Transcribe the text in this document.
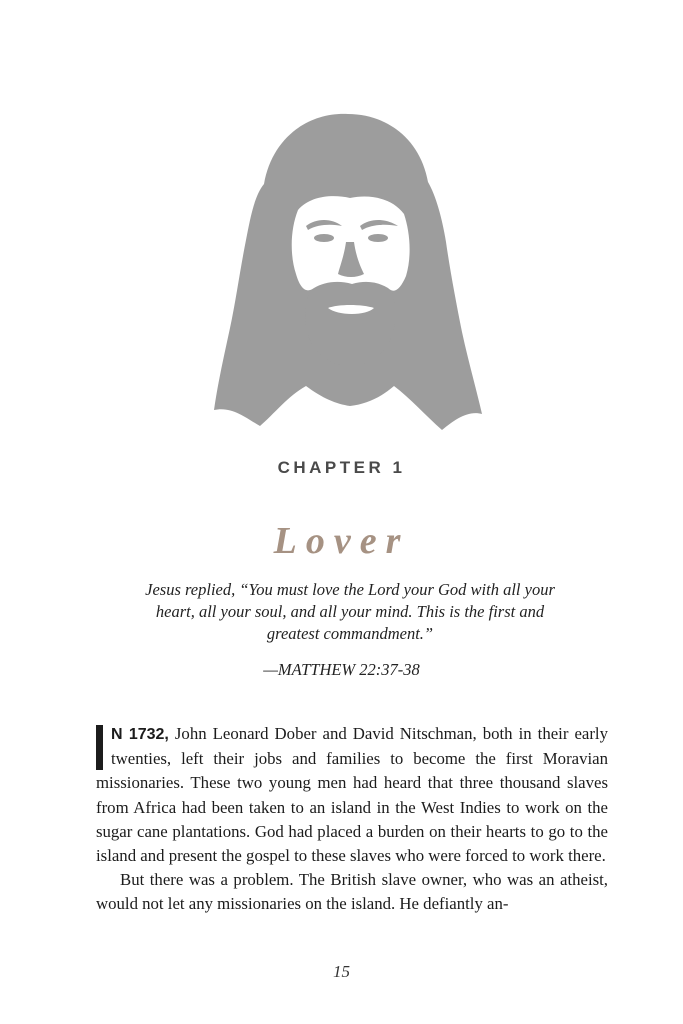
CHAPTER 1
Lover
Jesus replied, “You must love the Lord your God with all your heart, all your soul, and all your mind. This is the first and greatest commandment.”
—MATTHEW 22:37-38

N 1732, John Leonard Dober and David Nitschman, both in their early twenties, left their jobs and families to become the first Moravian missionaries. These two young men had heard that three thousand slaves from Africa had been taken to an island in the West Indies to work on the sugar cane plantations. God had placed a burden on their hearts to go to the island and present the gospel to these slaves who were forced to work there.

But there was a problem. The British slave owner, who was an atheist, would not let any missionaries on the island. He defiantly an-

15
